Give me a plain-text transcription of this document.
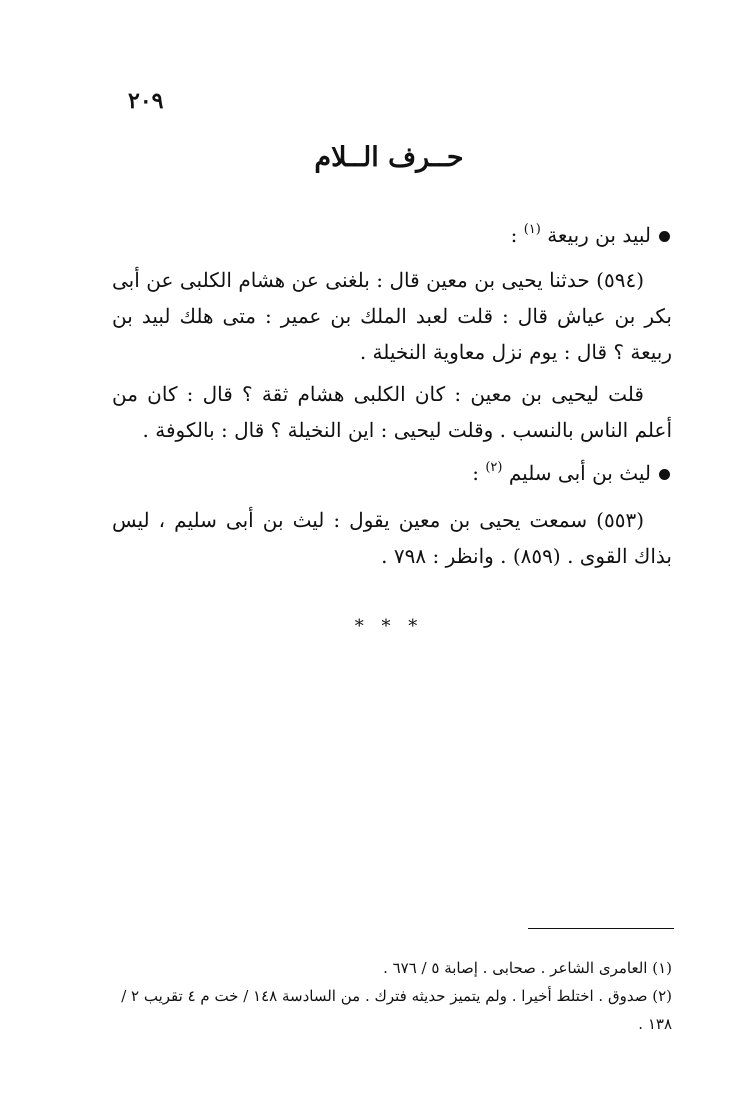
٢٠٩
حــرف الــلام
لبيد بن ربيعة $^{(١)}$ :

(٥٩٤) حدثنا يحيى بن معين قال : بلغنى عن هشام الكلبى عن أبى بكر بن عياش قال : قلت لعبد الملك بن عمير : متى هلك لبيد بن ربيعة ؟ قال : يوم نزل معاوية النخيلة .

قلت ليحيى بن معين : كان الكلبى هشام ثقة ؟ قال : كان من أعلم الناس بالنسب . وقلت ليحيى : اين النخيلة ؟ قال : بالكوفة .

ليث بن أبى سليم $^{(٢)}$ :

(٥٥٣) سمعت يحيى بن معين يقول : ليث بن أبى سليم ، ليس بذاك القوى . (٨٥٩) . وانظر : ٧٩٨ .

* * *
(١) العامرى الشاعر . صحابى . إصابة ٥ / ٦٧٦ .
(٢) صدوق . اختلط أخيرا . ولم يتميز حديثه فترك . من السادسة ١٤٨ / خت م ٤ تقريب ٢ / ١٣٨ .
